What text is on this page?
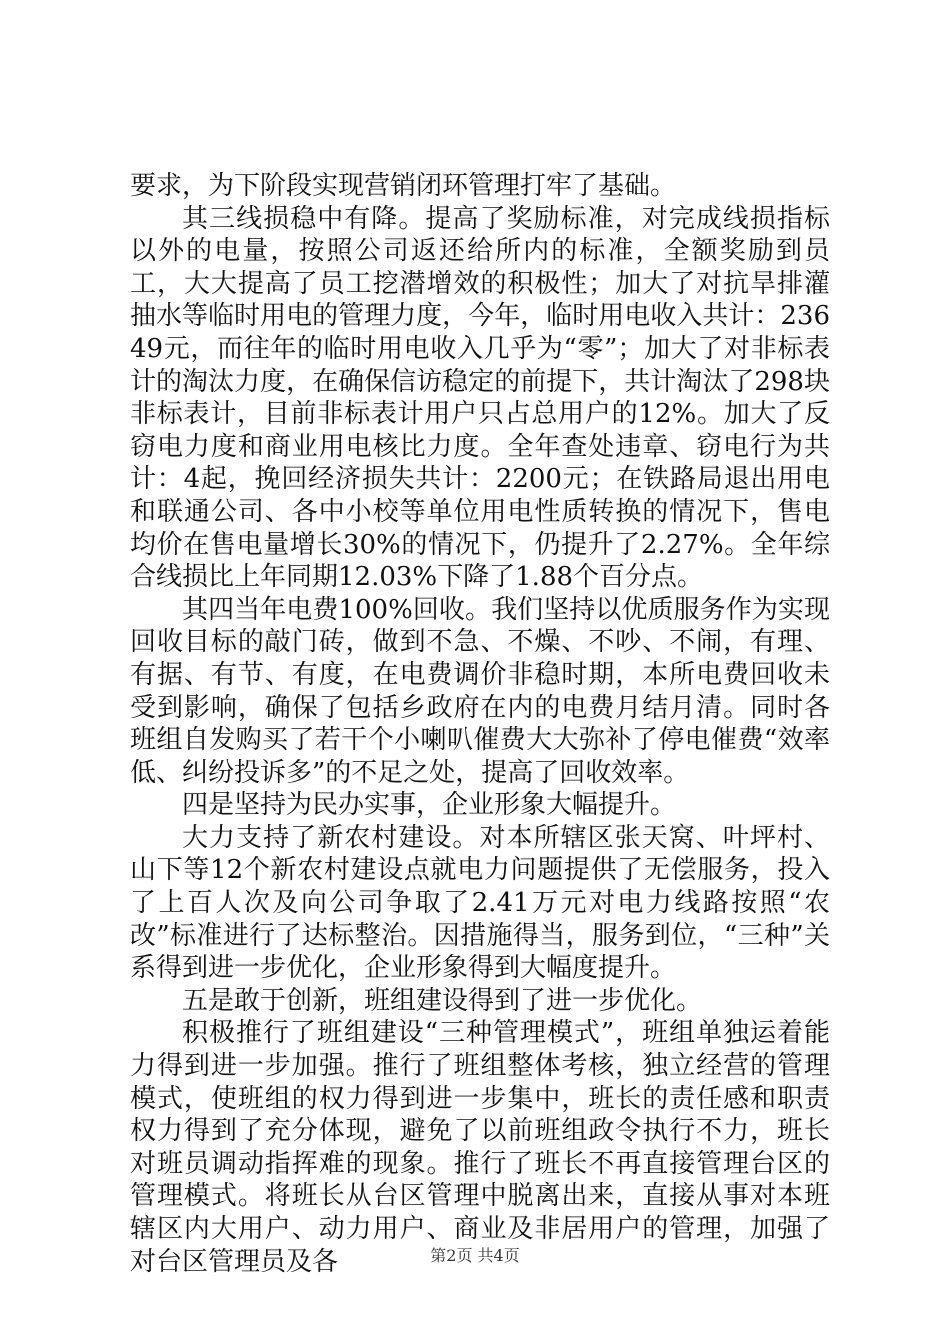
要求，为下阶段实现营销闭环管理打牢了基础。

其三线损稳中有降。提高了奖励标准，对完成线损指标以外的电量，按照公司返还给所内的标准，全额奖励到员工，大大提高了员工挖潜增效的积极性；加大了对抗旱排灌抽水等临时用电的管理力度，今年，临时用电收入共计：23649元，而往年的临时用电收入几乎为“零”；加大了对非标表计的淘汰力度，在确保信访稳定的前提下，共计淘汰了298块非标表计，目前非标表计用户只占总用户的12%。加大了反窃电力度和商业用电核比力度。全年查处违章、窃电行为共计：4起，挽回经济损失共计：2200元；在铁路局退出用电和联通公司、各中小校等单位用电性质转换的情况下，售电均价在售电量增长30%的情况下，仍提升了2.27%。全年综合线损比上年同期12.03%下降了1.88个百分点。

其四当年电费100%回收。我们坚持以优质服务作为实现回收目标的敲门砖，做到不急、不燥、不吵、不闹，有理、有据、有节、有度，在电费调价非稳时期，本所电费回收未受到影响，确保了包括乡政府在内的电费月结月清。同时各班组自发购买了若干个小喇叭催费大大弥补了停电催费“效率低、纠纷投诉多”的不足之处，提高了回收效率。

四是坚持为民办实事，企业形象大幅提升。

大力支持了新农村建设。对本所辖区张天窝、叶坪村、山下等12个新农村建设点就电力问题提供了无偿服务，投入了上百人次及向公司争取了2.41万元对电力线路按照“农改”标准进行了达标整治。因措施得当，服务到位，“三种”关系得到进一步优化，企业形象得到大幅度提升。

五是敢于创新，班组建设得到了进一步优化。

积极推行了班组建设“三种管理模式”，班组单独运着能力得到进一步加强。推行了班组整体考核，独立经营的管理模式，使班组的权力得到进一步集中，班长的责任感和职责权力得到了充分体现，避免了以前班组政令执行不力，班长对班员调动指挥难的现象。推行了班长不再直接管理台区的管理模式。将班长从台区管理中脱离出来，直接从事对本班辖区内大用户、动力用户、商业及非居用户的管理，加强了对台区管理员及各	第2页 共4页
